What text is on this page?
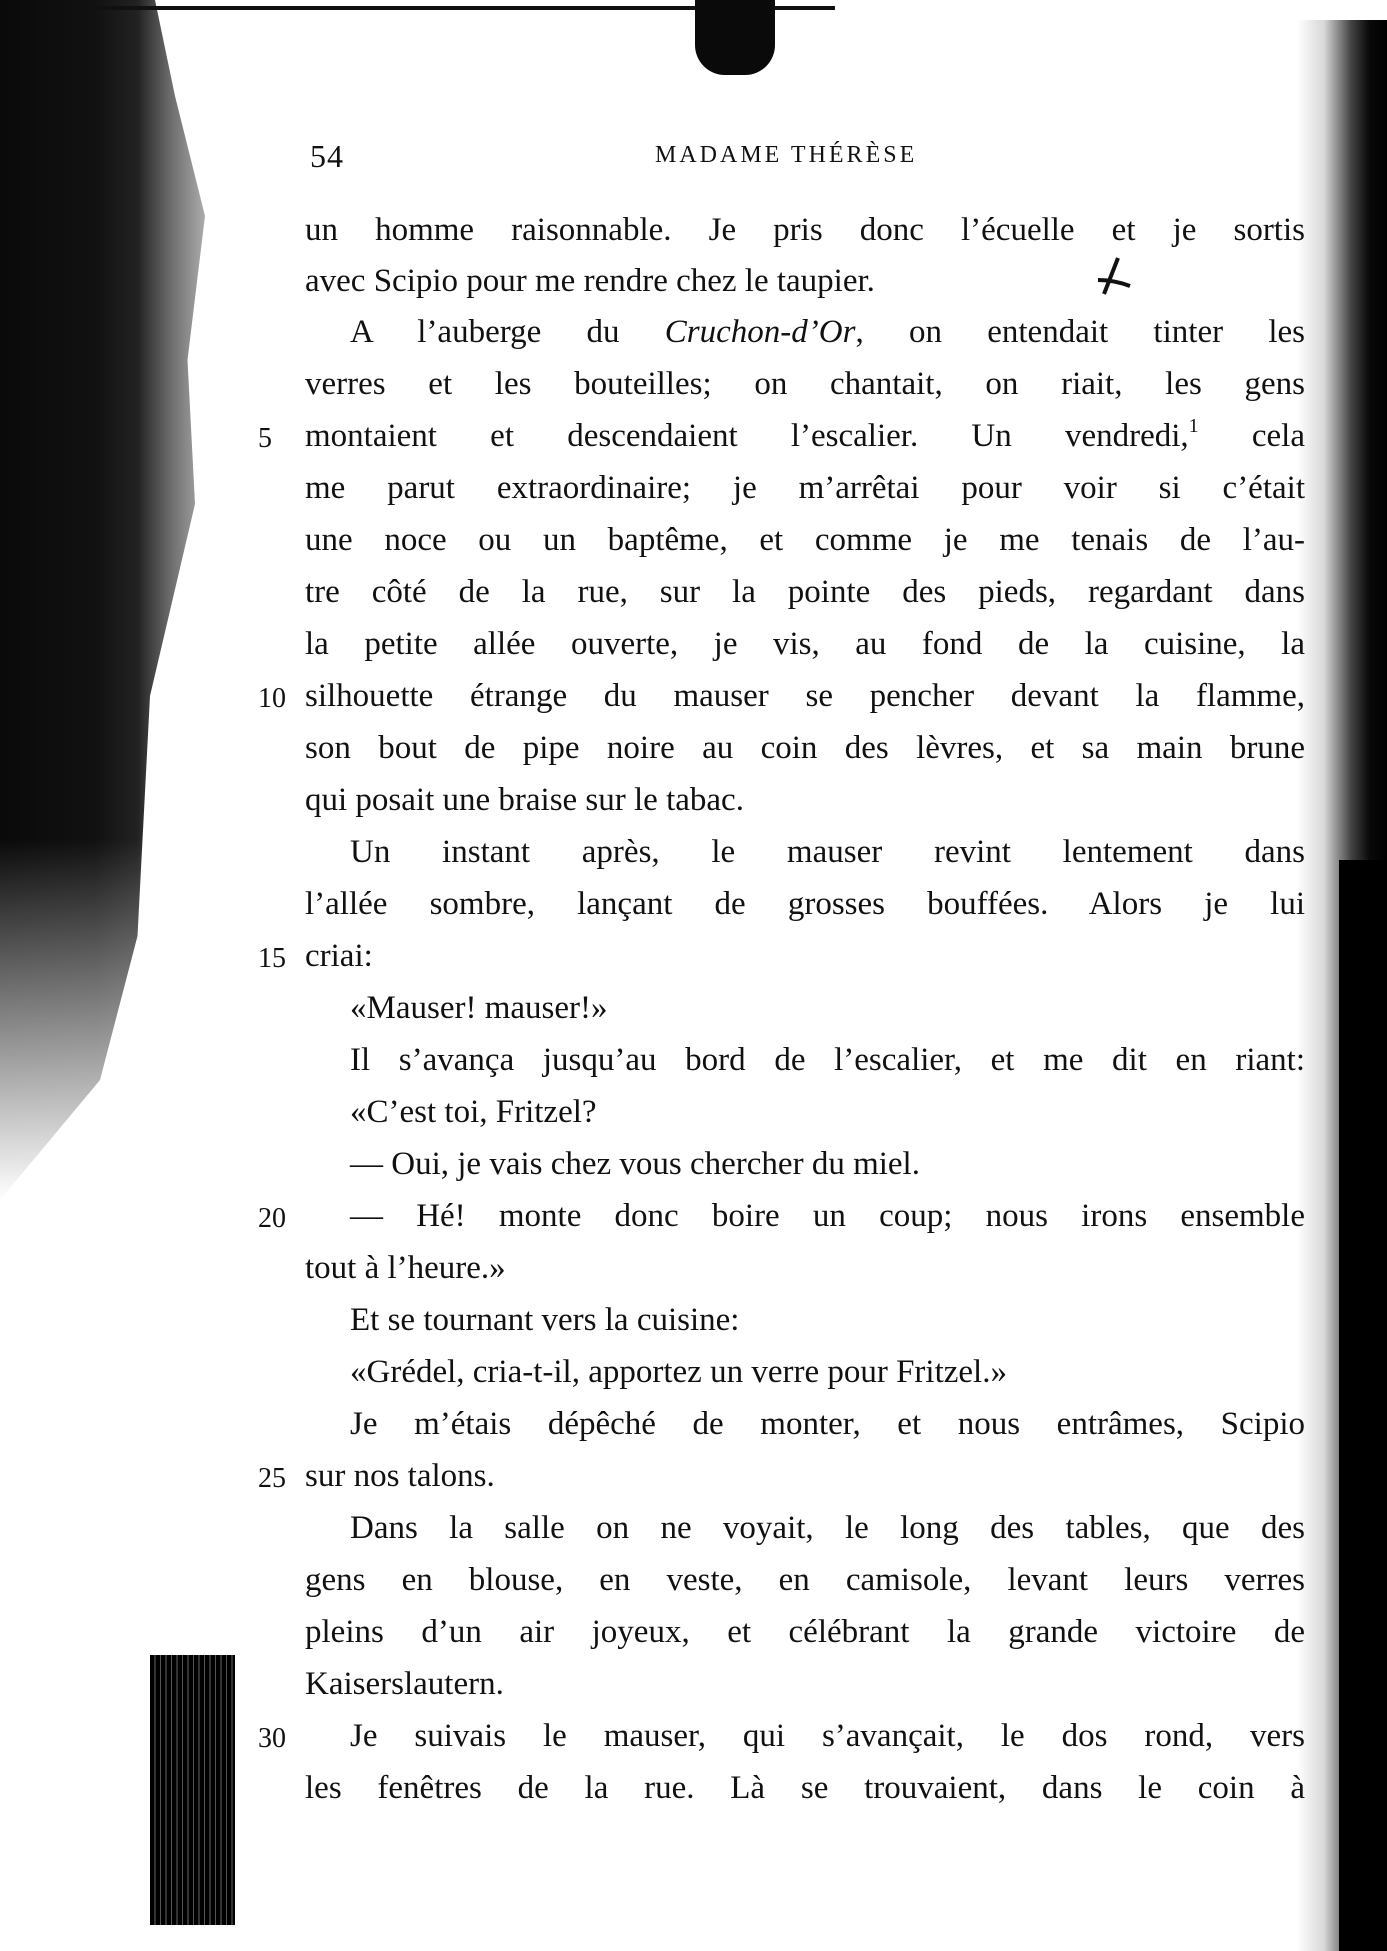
54	MADAME THÉRÈSE
un homme raisonnable. Je pris donc l’écuelle et je sortis
avec Scipio pour me rendre chez le taupier.
A l’auberge du Cruchon-d’Or, on entendait tinter les
verres et les bouteilles; on chantait, on riait, les gens
montaient et descendaient l’escalier. Un vendredi,$^1$ cela
me parut extraordinaire; je m’arrêtai pour voir si c’était
une noce ou un baptême, et comme je me tenais de l’au-
tre côté de la rue, sur la pointe des pieds, regardant dans
la petite allée ouverte, je vis, au fond de la cuisine, la
silhouette étrange du mauser se pencher devant la flamme,
son bout de pipe noire au coin des lèvres, et sa main brune
qui posait une braise sur le tabac.
Un instant après, le mauser revint lentement dans
l’allée sombre, lançant de grosses bouffées. Alors je lui
criai:
«Mauser! mauser!»
Il s’avança jusqu’au bord de l’escalier, et me dit en riant:
«C’est toi, Fritzel?
— Oui, je vais chez vous chercher du miel.
— Hé! monte donc boire un coup; nous irons ensemble
tout à l’heure.»
Et se tournant vers la cuisine:
«Grédel, cria-t-il, apportez un verre pour Fritzel.»
Je m’étais dépêché de monter, et nous entrâmes, Scipio
sur nos talons.
Dans la salle on ne voyait, le long des tables, que des
gens en blouse, en veste, en camisole, levant leurs verres
pleins d’un air joyeux, et célébrant la grande victoire de
Kaiserslautern.
Je suivais le mauser, qui s’avançait, le dos rond, vers
les fenêtres de la rue. Là se trouvaient, dans le coin à
5
10
15
20
25
30
